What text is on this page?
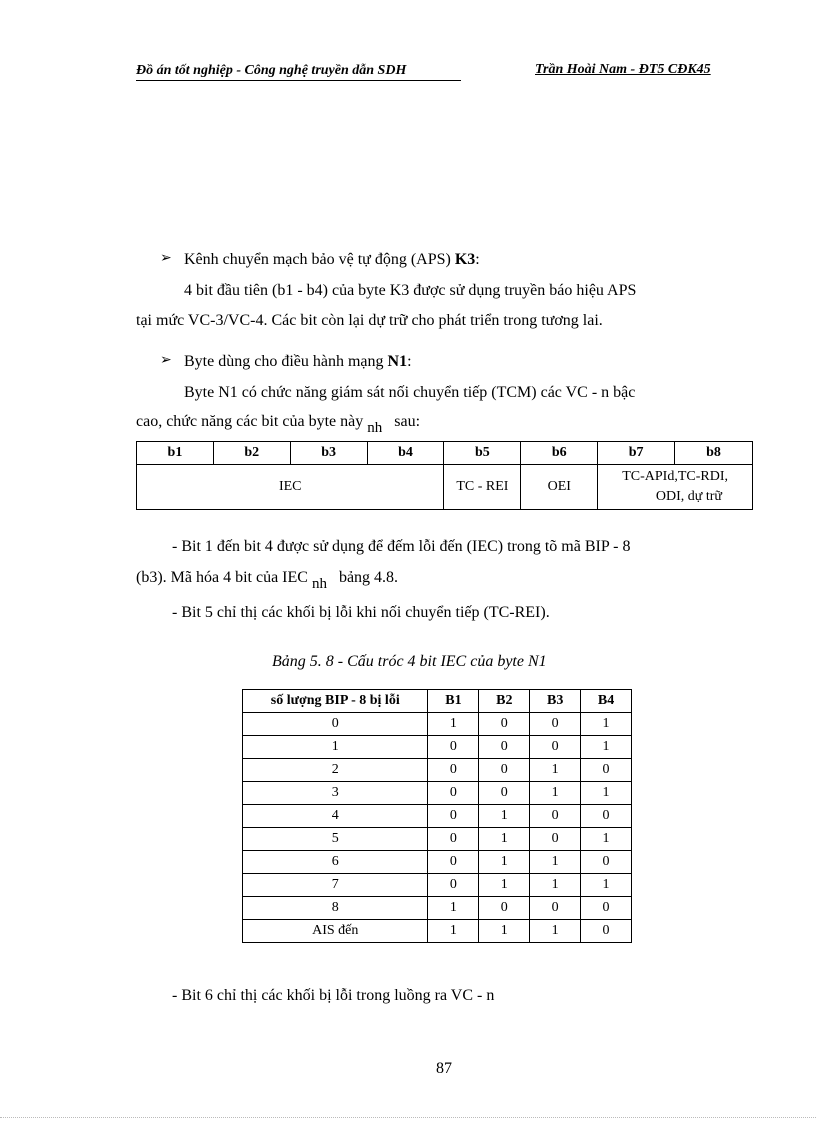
Đồ án tốt nghiệp - Công nghệ truyền dẫn SDH	Trần Hoài Nam - ĐT5 CĐK45
➢ Kênh chuyển mạch bảo vệ tự động (APS) K3:
4 bit đầu tiên (b1 - b4) của byte K3 được sử dụng truyền báo hiệu APS
tại mức VC-3/VC-4. Các bit còn lại dự trữ cho phát triển trong tương lai.
➢ Byte dùng cho điều hành mạng N1:
Byte N1 có chức năng giám sát nối chuyển tiếp (TCM) các VC - n bậc
cao, chức năng các bit của byte này nh sau:
b1	b2	b3	b4	b5	b6	b7	b8
IEC				TC - REI	OEI	TC-APId,TC-RDI,
ODI, dự trữ	
- Bit 1 đến bit 4 được sử dụng để đếm lỗi đến (IEC) trong tõ mã BIP - 8
(b3). Mã hóa 4 bit của IEC nh bảng 4.8.
- Bit 5 chỉ thị các khối bị lỗi khi nối chuyển tiếp (TC-REI).
Bảng 5. 8 - Cấu tróc 4 bit IEC của byte N1
số lượng BIP - 8 bị lỗi	B1	B2	B3	B4
0	1	0	0	1
1	0	0	0	1
2	0	0	1	0
3	0	0	1	1
4	0	1	0	0
5	0	1	0	1
6	0	1	1	0
7	0	1	1	1
8	1	0	0	0
AIS đến	1	1	1	0
- Bit 6 chỉ thị các khối bị lỗi trong luồng ra VC - n
87
